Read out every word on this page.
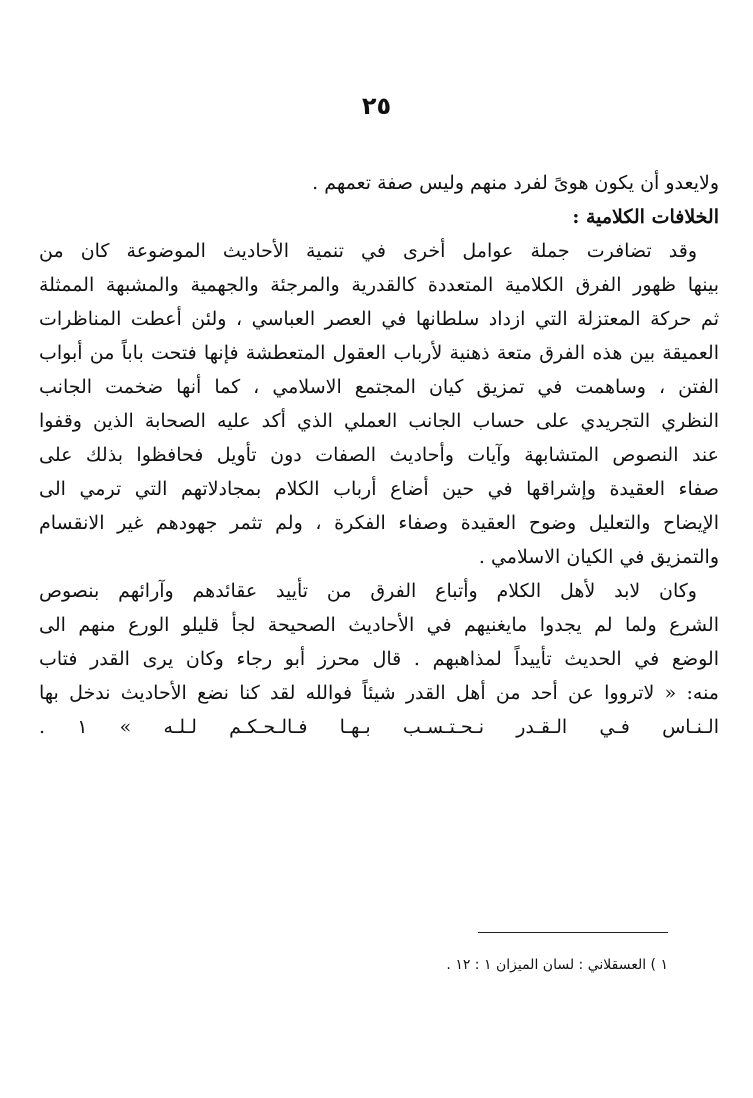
٢٥
ولايعدو أن يكون هوىً لفرد منهم وليس صفة تعمهم .
الخلافات الكلامية :
وقد تضافرت جملة عوامل أخرى في تنمية الأحاديث الموضوعة كان من
بينها ظهور الفرق الكلامية المتعددة كالقدرية والمرجئة والجهمية والمشبهة الممثلة
ثم حركة المعتزلة التي ازداد سلطانها في العصر العباسي ، ولئن أعطت المناظرات
العميقة بين هذه الفرق متعة ذهنية لأرباب العقول المتعطشة فإنها فتحت باباً من أبواب
الفتن ، وساهمت في تمزيق كيان المجتمع الاسلامي ، كما أنها ضخمت الجانب
النظري التجريدي على حساب الجانب العملي الذي أكد عليه الصحابة الذين وقفوا
عند النصوص المتشابهة وآيات وأحاديث الصفات دون تأويل فحافظوا بذلك على
صفاء العقيدة وإشراقها في حين أضاع أرباب الكلام بمجادلاتهم التي ترمي الى
الإيضاح والتعليل وضوح العقيدة وصفاء الفكرة ، ولم تثمر جهودهم غير الانقسام
والتمزيق في الكيان الاسلامي .
وكان لابد لأهل الكلام وأتباع الفرق من تأييد عقائدهم وآرائهم بنصوص
الشرع ولما لم يجدوا مايغنيهم في الأحاديث الصحيحة لجأ قليلو الورع منهم الى
الوضع في الحديث تأييداً لمذاهبهم . قال محرز أبو رجاء وكان يرى القدر فتاب
منه: « لاترووا عن أحد من أهل القدر شيئاً فوالله لقد كنا نضع الأحاديث ندخل بها
الـنـاس فـي الـقـدر نـحـتـسـب بـهـا فـالـحـكـم لـلـه » ١ .
١ ) العسقلاني : لسان الميزان ١ : ١٢ .
